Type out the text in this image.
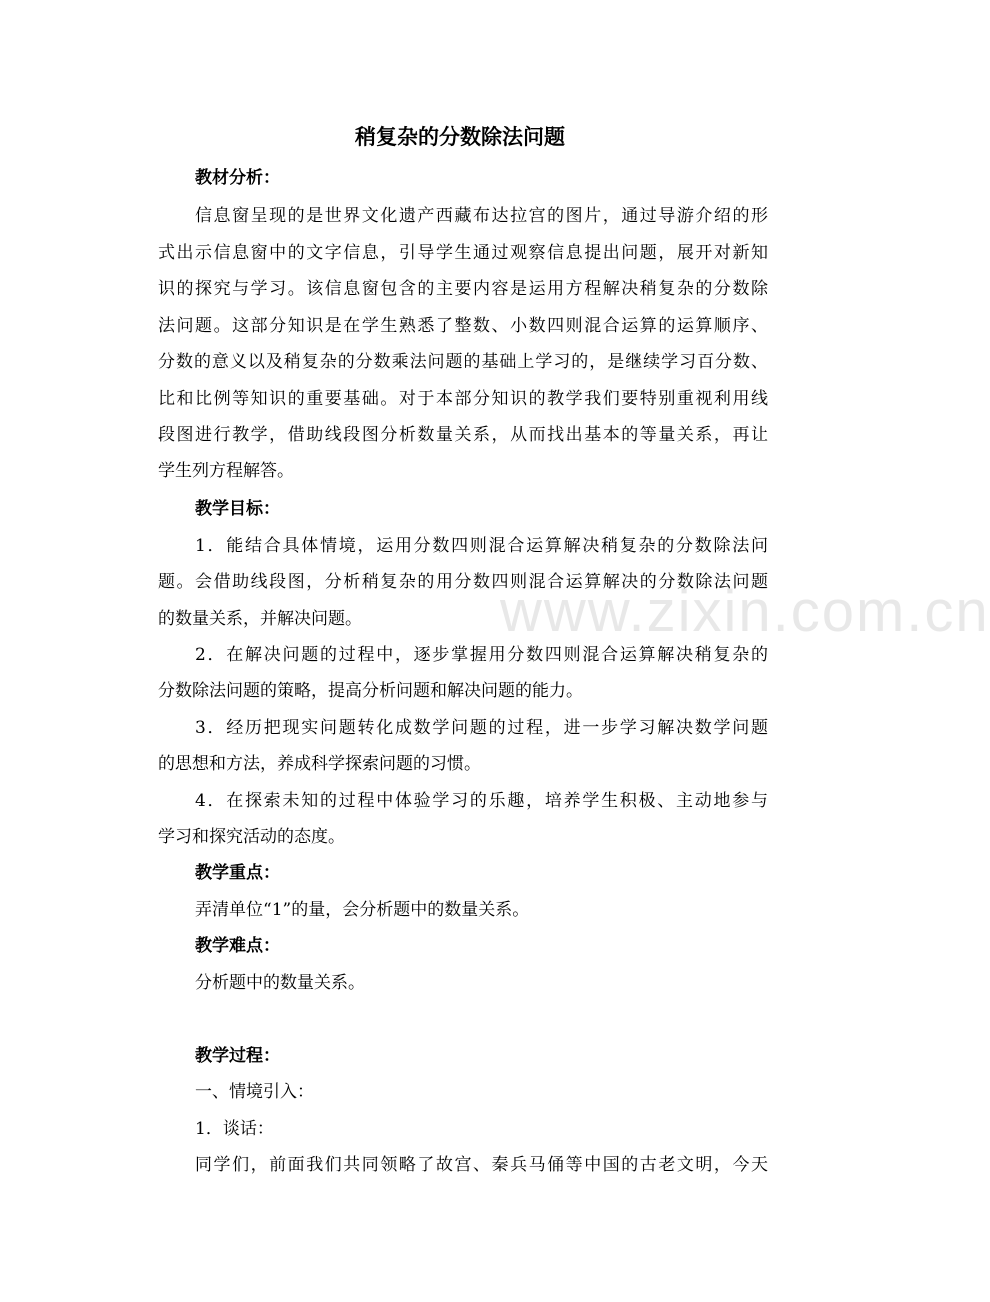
www.zixin.com.cn
稍复杂的分数除法问题
教材分析：
信息窗呈现的是世界文化遗产西藏布达拉宫的图片，通过导游介绍的形
式出示信息窗中的文字信息，引导学生通过观察信息提出问题，展开对新知
识的探究与学习。该信息窗包含的主要内容是运用方程解决稍复杂的分数除
法问题。这部分知识是在学生熟悉了整数、小数四则混合运算的运算顺序、
分数的意义以及稍复杂的分数乘法问题的基础上学习的，是继续学习百分数、
比和比例等知识的重要基础。对于本部分知识的教学我们要特别重视利用线
段图进行教学，借助线段图分析数量关系，从而找出基本的等量关系，再让
学生列方程解答。
教学目标：
1．能结合具体情境，运用分数四则混合运算解决稍复杂的分数除法问
题。会借助线段图，分析稍复杂的用分数四则混合运算解决的分数除法问题
的数量关系，并解决问题。
2．在解决问题的过程中，逐步掌握用分数四则混合运算解决稍复杂的
分数除法问题的策略，提高分析问题和解决问题的能力。
3．经历把现实问题转化成数学问题的过程，进一步学习解决数学问题
的思想和方法，养成科学探索问题的习惯。
4．在探索未知的过程中体验学习的乐趣，培养学生积极、主动地参与
学习和探究活动的态度。
教学重点：
弄清单位“1”的量，会分析题中的数量关系。
教学难点：
分析题中的数量关系。
教学过程：
一、情境引入：
1．谈话：
同学们，前面我们共同领略了故宫、秦兵马俑等中国的古老文明，今天
